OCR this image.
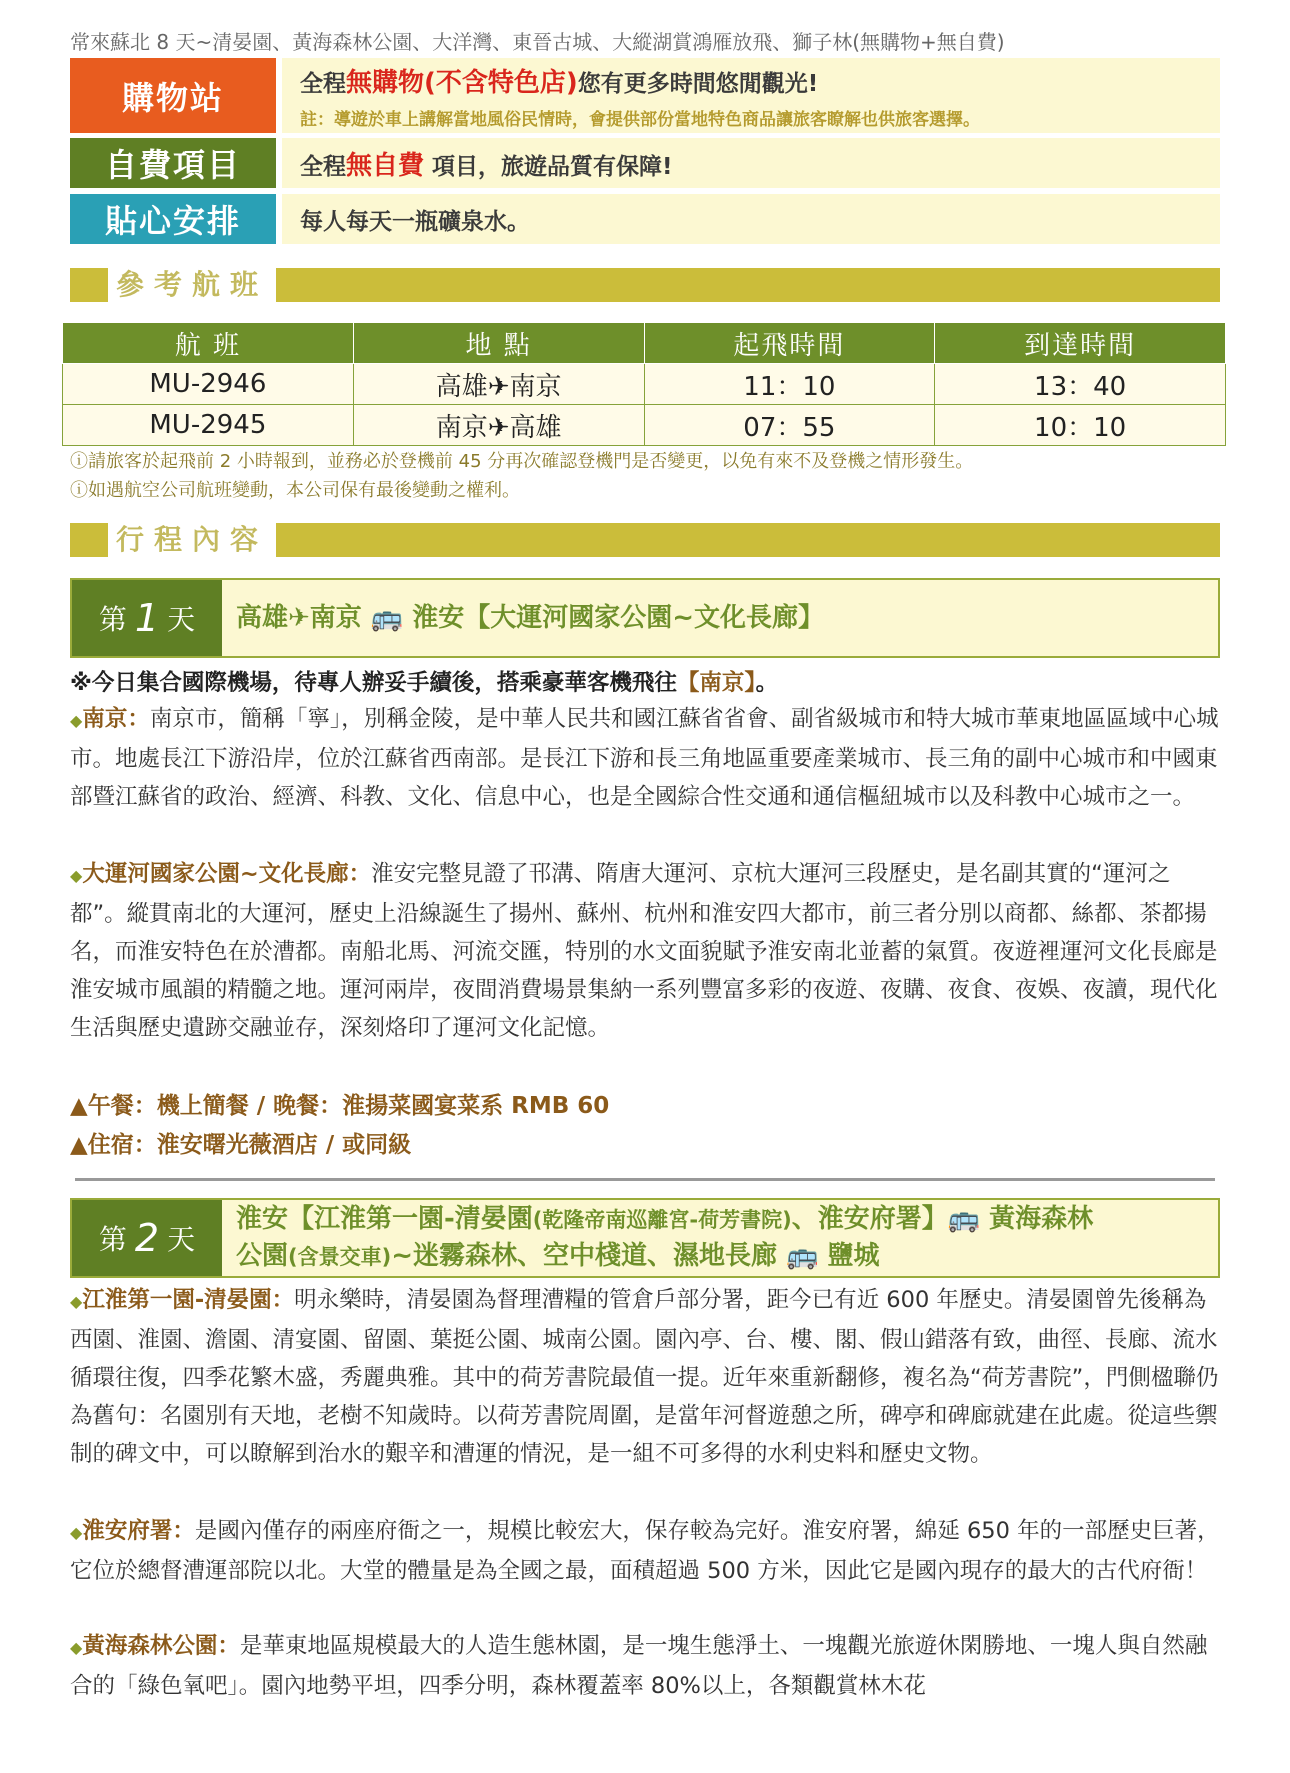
常來蘇北 8 天~清晏園、黃海森林公園、大洋灣、東晉古城、大縱湖賞鴻雁放飛、獅子林(無購物+無自費)
購物站	全程無購物(不含特色店)您有更多時間悠閒觀光!
註：導遊於車上講解當地風俗民情時，會提供部份當地特色商品讓旅客瞭解也供旅客選擇。
自費項目	全程無自費 項目，旅遊品質有保障!
貼心安排	每人每天一瓶礦泉水。
參考航班
航 班	地 點	起飛時間	到達時間
MU-2946	高雄✈南京	11：10	13：40
MU-2945	南京✈高雄	07：55	10：10
ⓘ請旅客於起飛前 2 小時報到，並務必於登機前 45 分再次確認登機門是否變更，以免有來不及登機之情形發生。
ⓘ如遇航空公司航班變動，本公司保有最後變動之權利。
行程內容
第 1 天 高雄✈南京 🚌 淮安【大運河國家公園~文化長廊】
※今日集合國際機場，待專人辦妥手續後，搭乘豪華客機飛往【南京】。
◆南京：南京市，簡稱「寧」，別稱金陵，是中華人民共和國江蘇省省會、副省級城市和特大城市華東地區區域中心城市。地處長江下游沿岸，位於江蘇省西南部。是長江下游和長三角地區重要產業城市、長三角的副中心城市和中國東部暨江蘇省的政治、經濟、科教、文化、信息中心，也是全國綜合性交通和通信樞紐城市以及科教中心城市之一。
◆大運河國家公園~文化長廊：淮安完整見證了邗溝、隋唐大運河、京杭大運河三段歷史，是名副其實的“運河之都”。縱貫南北的大運河，歷史上沿線誕生了揚州、蘇州、杭州和淮安四大都市，前三者分別以商都、絲都、茶都揚名，而淮安特色在於漕都。南船北馬、河流交匯，特別的水文面貌賦予淮安南北並蓄的氣質。夜遊裡運河文化長廊是淮安城市風韻的精髓之地。運河兩岸，夜間消費場景集納一系列豐富多彩的夜遊、夜購、夜食、夜娛、夜讀，現代化生活與歷史遺跡交融並存，深刻烙印了運河文化記憶。
▲午餐：機上簡餐 / 晚餐：淮揚菜國宴菜系 RMB 60
▲住宿：淮安曙光薇酒店 / 或同級
第 2 天
淮安【江淮第一園-清晏園(乾隆帝南巡離宮-荷芳書院)、淮安府署】🚌 黃海森林
公園(含景交車)~迷霧森林、空中棧道、濕地長廊 🚌 鹽城
◆江淮第一園-清晏園：明永樂時，清晏園為督理漕糧的管倉戶部分署，距今已有近 600 年歷史。清晏園曾先後稱為西園、淮園、澹園、清宴園、留園、葉挺公園、城南公園。園內亭、台、樓、閣、假山錯落有致，曲徑、長廊、流水循環往復，四季花繁木盛，秀麗典雅。其中的荷芳書院最值一提。近年來重新翻修，複名為“荷芳書院”，門側楹聯仍為舊句：名園別有天地，老樹不知歲時。以荷芳書院周圍，是當年河督遊憩之所，碑亭和碑廊就建在此處。從這些禦制的碑文中，可以瞭解到治水的艱辛和漕運的情況，是一組不可多得的水利史料和歷史文物。
◆淮安府署：是國內僅存的兩座府衙之一，規模比較宏大，保存較為完好。淮安府署，綿延 650 年的一部歷史巨著，它位於總督漕運部院以北。大堂的體量是為全國之最，面積超過 500 方米，因此它是國內現存的最大的古代府衙！
◆黃海森林公園：是華東地區規模最大的人造生態林園，是一塊生態淨土、一塊觀光旅遊休閑勝地、一塊人與自然融合的「綠色氧吧」。園內地勢平坦，四季分明，森林覆蓋率 80%以上，各類觀賞林木花
